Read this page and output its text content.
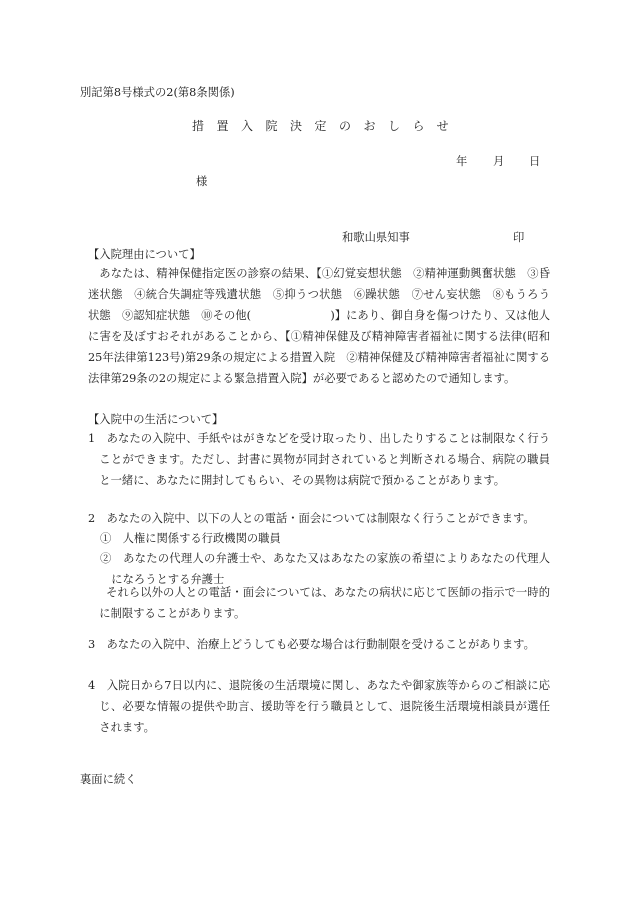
別記第8号様式の2(第8条関係)
措置入院決定のおしらせ
年 月 日
様
和歌山県知事	印
【入院理由について】

あなたは、精神保健指定医の診察の結果、【①幻覚妄想状態　②精神運動興奮状態　③昏迷状態　④統合失調症等残遺状態　⑤抑うつ状態　⑥躁状態　⑦せん妄状態　⑧もうろう状態　⑨認知症状態　⑩その他(　　　　　　　)】にあり、御自身を傷つけたり、又は他人に害を及ぼすおそれがあることから、【①精神保健及び精神障害者福祉に関する法律(昭和25年法律第123号)第29条の規定による措置入院　②精神保健及び精神障害者福祉に関する法律第29条の2の規定による緊急措置入院】が必要であると認めたので通知します。

【入院中の生活について】

1　あなたの入院中、手紙やはがきなどを受け取ったり、出したりすることは制限なく行うことができます。ただし、封書に異物が同封されていると判断される場合、病院の職員と一緒に、あなたに開封してもらい、その異物は病院で預かることがあります。

2　あなたの入院中、以下の人との電話・面会については制限なく行うことができます。

①　人権に関係する行政機関の職員

②　あなたの代理人の弁護士や、あなた又はあなたの家族の希望によりあなたの代理人になろうとする弁護士

それら以外の人との電話・面会については、あなたの病状に応じて医師の指示で一時的に制限することがあります。

3　あなたの入院中、治療上どうしても必要な場合は行動制限を受けることがあります。

4　入院日から7日以内に、退院後の生活環境に関し、あなたや御家族等からのご相談に応じ、必要な情報の提供や助言、援助等を行う職員として、退院後生活環境相談員が選任されます。

裏面に続く
